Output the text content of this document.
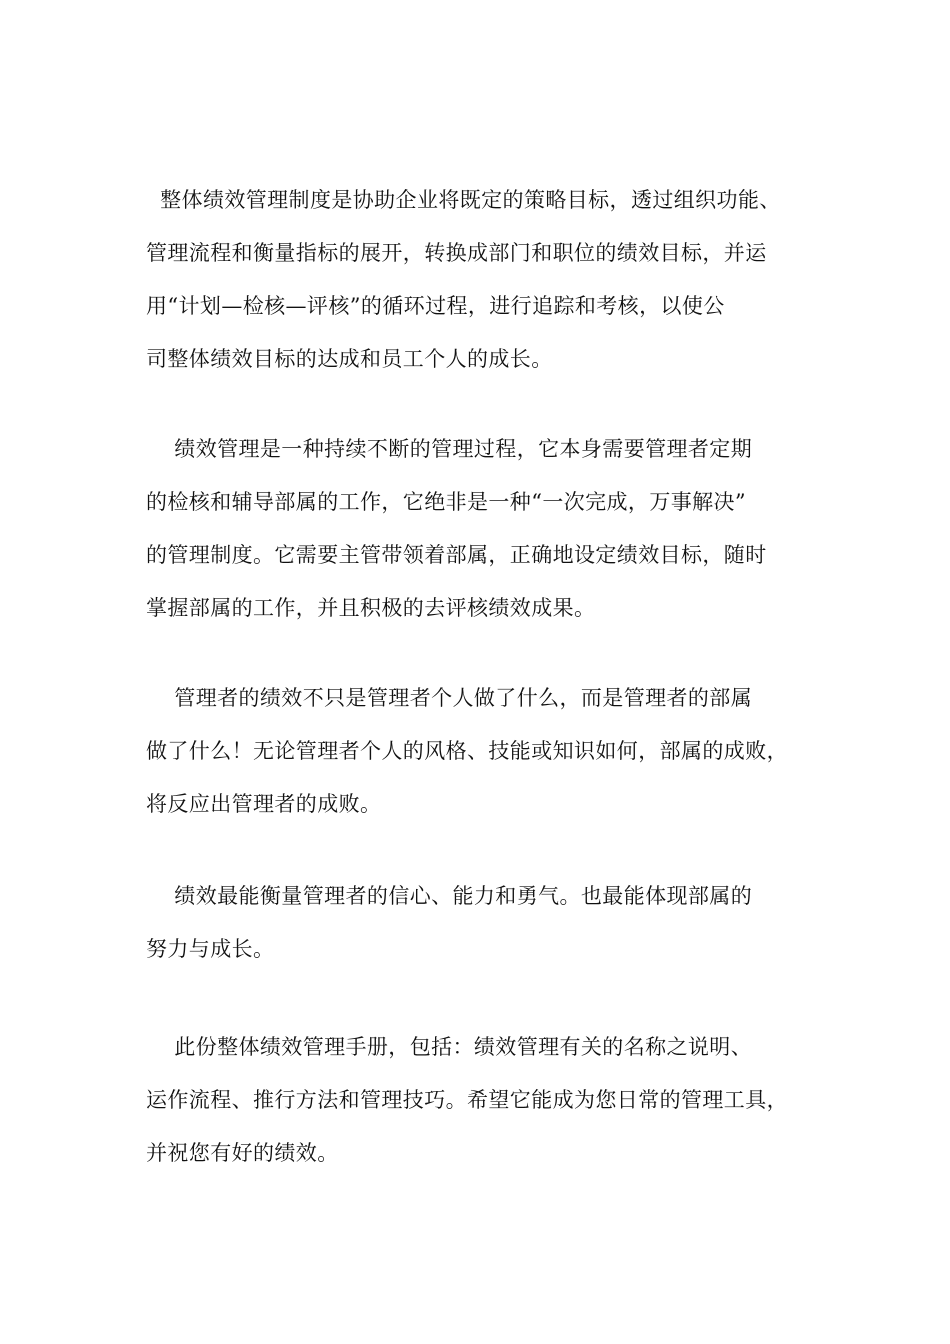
整体绩效管理制度是协助企业将既定的策略目标，透过组织功能、
管理流程和衡量指标的展开，转换成部门和职位的绩效目标，并运
用“计划—检核—评核”的循环过程，进行追踪和考核，以使公
司整体绩效目标的达成和员工个人的成长。

绩效管理是一种持续不断的管理过程，它本身需要管理者定期
的检核和辅导部属的工作，它绝非是一种“一次完成，万事解决”
的管理制度。它需要主管带领着部属，正确地设定绩效目标，随时
掌握部属的工作，并且积极的去评核绩效成果。

管理者的绩效不只是管理者个人做了什么，而是管理者的部属
做了什么！无论管理者个人的风格、技能或知识如何，部属的成败，
将反应出管理者的成败。

绩效最能衡量管理者的信心、能力和勇气。也最能体现部属的
努力与成长。

此份整体绩效管理手册，包括：绩效管理有关的名称之说明、
运作流程、推行方法和管理技巧。希望它能成为您日常的管理工具，
并祝您有好的绩效。
